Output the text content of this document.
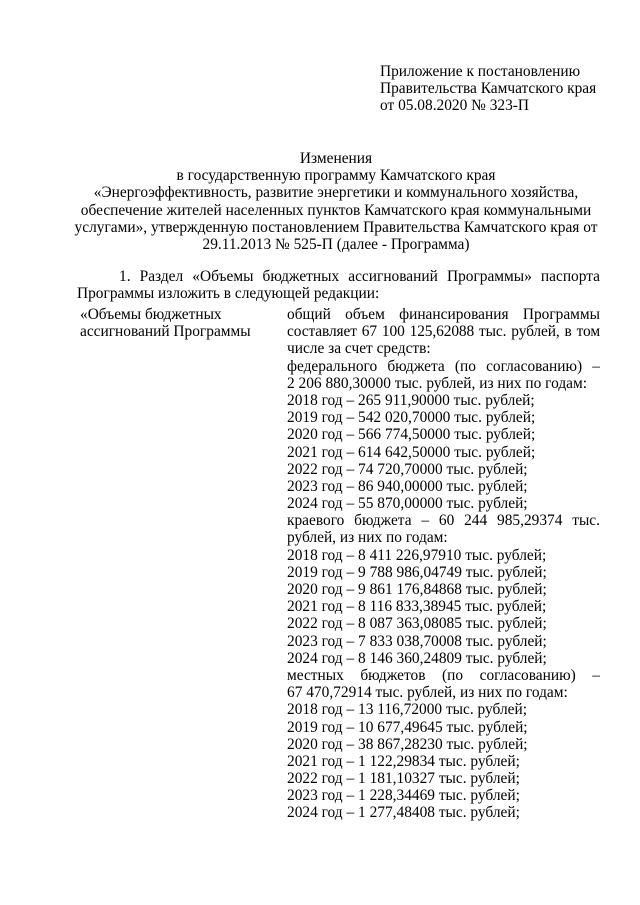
Приложение к постановлению
Правительства Камчатского края
от 05.08.2020 № 323-П
Изменения
в государственную программу Камчатского края
«Энергоэффективность, развитие энергетики и коммунального хозяйства,
обеспечение жителей населенных пунктов Камчатского края коммунальными
услугами», утвержденную постановлением Правительства Камчатского края от
29.11.2013 № 525-П (далее - Программа)
1. Раздел «Объемы бюджетных ассигнований Программы» паспорта
Программы изложить в следующей редакции:
«Объемы бюджетных
ассигнований Программы
общий объем финансирования Программы
составляет 67 100 125,62088 тыс. рублей, в том
числе за счет средств:
федерального бюджета (по согласованию) –
2 206 880,30000 тыс. рублей, из них по годам:
2018 год – 265 911,90000 тыс. рублей;
2019 год – 542 020,70000 тыс. рублей;
2020 год – 566 774,50000 тыс. рублей;
2021 год – 614 642,50000 тыс. рублей;
2022 год – 74 720,70000 тыс. рублей;
2023 год – 86 940,00000 тыс. рублей;
2024 год – 55 870,00000 тыс. рублей;
краевого бюджета – 60 244 985,29374 тыс.
рублей, из них по годам:
2018 год – 8 411 226,97910 тыс. рублей;
2019 год – 9 788 986,04749 тыс. рублей;
2020 год – 9 861 176,84868 тыс. рублей;
2021 год – 8 116 833,38945 тыс. рублей;
2022 год – 8 087 363,08085 тыс. рублей;
2023 год – 7 833 038,70008 тыс. рублей;
2024 год – 8 146 360,24809 тыс. рублей;
местных бюджетов (по согласованию) –
67 470,72914 тыс. рублей, из них по годам:
2018 год – 13 116,72000 тыс. рублей;
2019 год – 10 677,49645 тыс. рублей;
2020 год – 38 867,28230 тыс. рублей;
2021 год – 1 122,29834 тыс. рублей;
2022 год – 1 181,10327 тыс. рублей;
2023 год – 1 228,34469 тыс. рублей;
2024 год – 1 277,48408 тыс. рублей;
